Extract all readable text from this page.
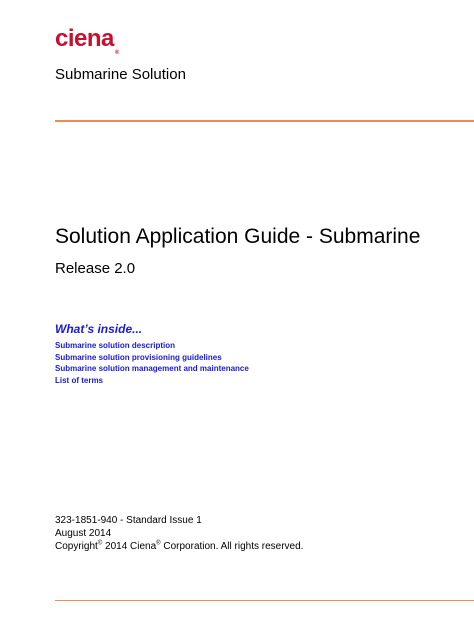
ciena®
Submarine Solution
Solution Application Guide - Submarine
Release 2.0
What’s inside...
Submarine solution description
Submarine solution provisioning guidelines
Submarine solution management and maintenance
List of terms
323-1851-940 - Standard Issue 1
August 2014
Copyright© 2014 Ciena® Corporation. All rights reserved.
